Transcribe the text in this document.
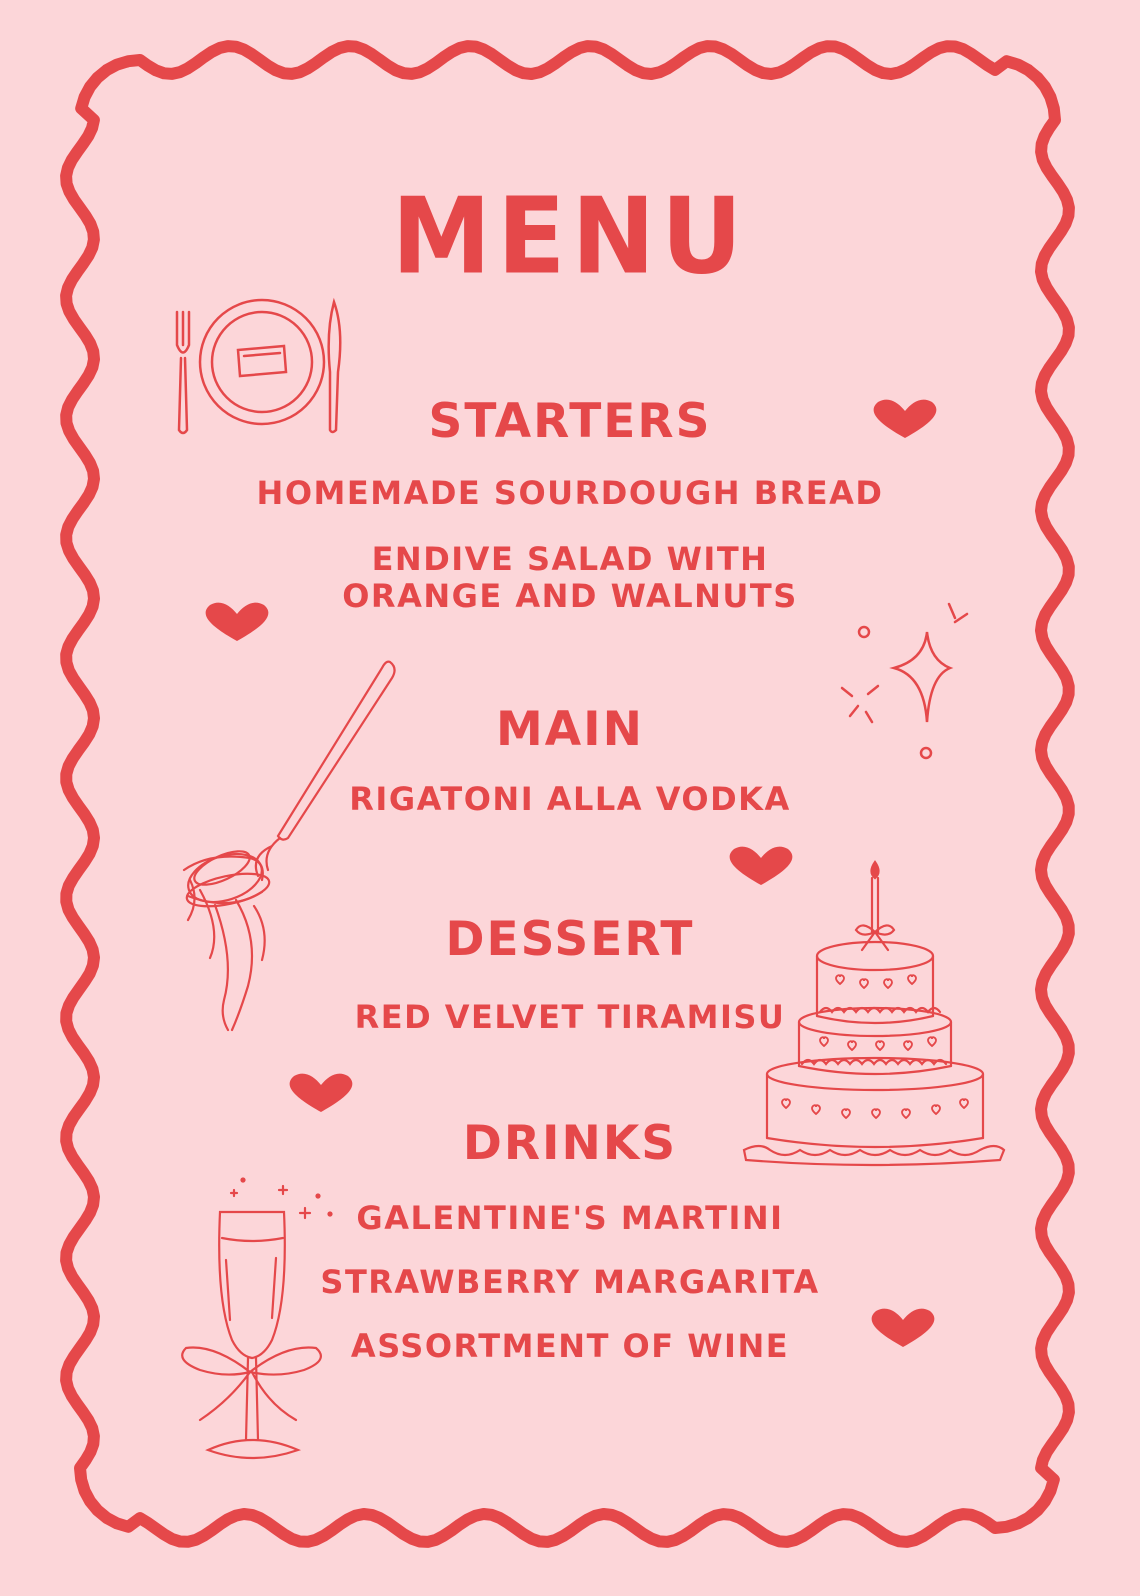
MENU
STARTERS
HOMEMADE SOURDOUGH BREAD
ENDIVE SALAD WITH
ORANGE AND WALNUTS
MAIN
RIGATONI ALLA VODKA
DESSERT
RED VELVET TIRAMISU
DRINKS
GALENTINE'S MARTINI
STRAWBERRY MARGARITA
ASSORTMENT OF WINE
